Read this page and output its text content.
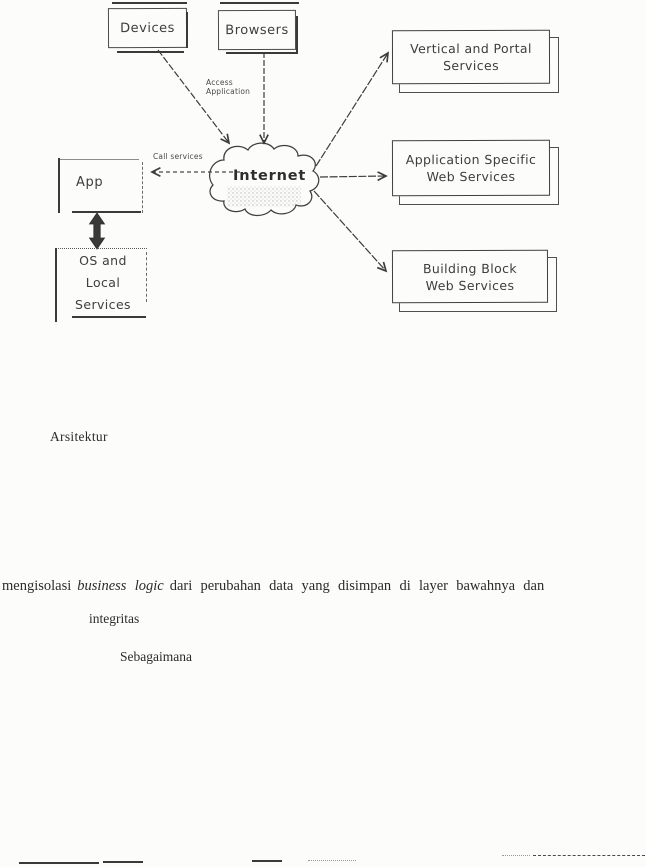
Devices	Browsers
Access
Application
Call services
Internet
App
OS and
Local
Services
Vertical and Portal
Services
Application Specific
Web Services
Building Block
Web Services
Arsitektur
mengisolasi business logic dari perubahan data yang disimpan di layer bawahnya dan
integritas
Sebagaimana
